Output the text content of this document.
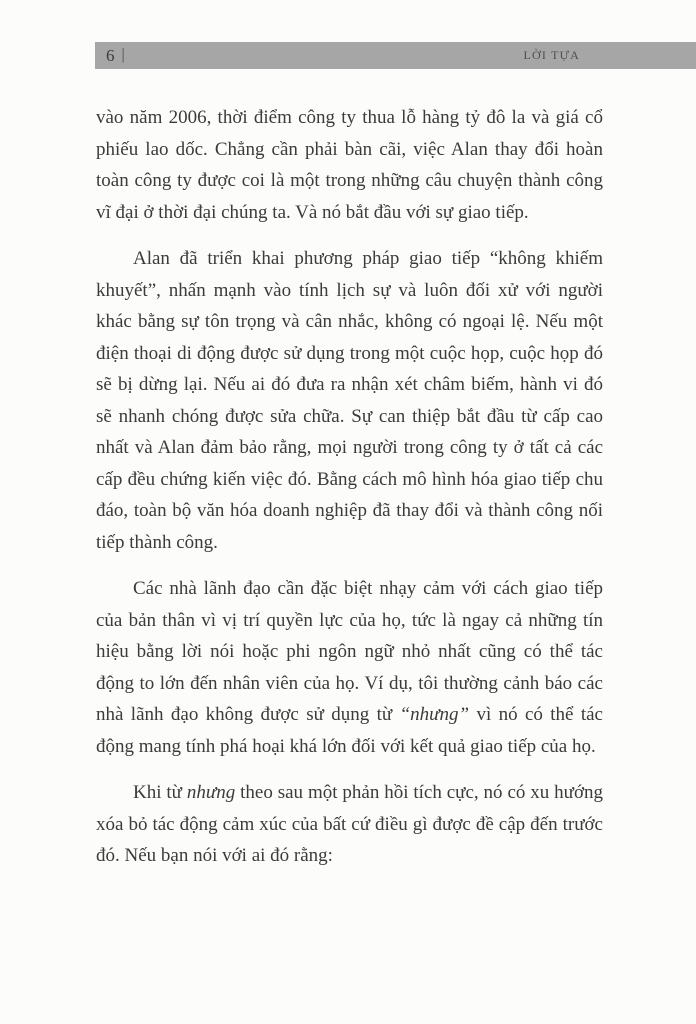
6 |	LỜI TỰA

vào năm 2006, thời điểm công ty thua lỗ hàng tỷ đô la và giá cổ phiếu lao dốc. Chẳng cần phải bàn cãi, việc Alan thay đổi hoàn toàn công ty được coi là một trong những câu chuyện thành công vĩ đại ở thời đại chúng ta. Và nó bắt đầu với sự giao tiếp.

Alan đã triển khai phương pháp giao tiếp “không khiếm khuyết”, nhấn mạnh vào tính lịch sự và luôn đối xử với người khác bằng sự tôn trọng và cân nhắc, không có ngoại lệ. Nếu một điện thoại di động được sử dụng trong một cuộc họp, cuộc họp đó sẽ bị dừng lại. Nếu ai đó đưa ra nhận xét châm biếm, hành vi đó sẽ nhanh chóng được sửa chữa. Sự can thiệp bắt đầu từ cấp cao nhất và Alan đảm bảo rằng, mọi người trong công ty ở tất cả các cấp đều chứng kiến việc đó. Bằng cách mô hình hóa giao tiếp chu đáo, toàn bộ văn hóa doanh nghiệp đã thay đổi và thành công nối tiếp thành công.

Các nhà lãnh đạo cần đặc biệt nhạy cảm với cách giao tiếp của bản thân vì vị trí quyền lực của họ, tức là ngay cả những tín hiệu bằng lời nói hoặc phi ngôn ngữ nhỏ nhất cũng có thể tác động to lớn đến nhân viên của họ. Ví dụ, tôi thường cảnh báo các nhà lãnh đạo không được sử dụng từ “nhưng” vì nó có thể tác động mang tính phá hoại khá lớn đối với kết quả giao tiếp của họ.

Khi từ nhưng theo sau một phản hồi tích cực, nó có xu hướng xóa bỏ tác động cảm xúc của bất cứ điều gì được đề cập đến trước đó. Nếu bạn nói với ai đó rằng:
